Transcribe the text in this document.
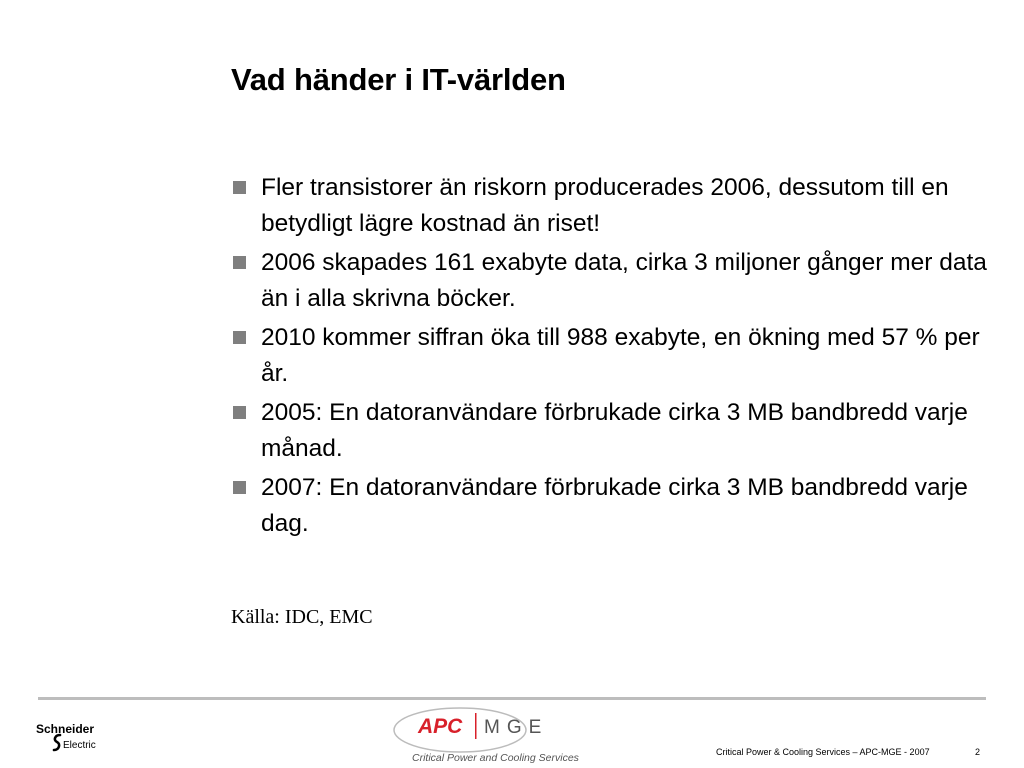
Vad händer i IT-världen
Fler transistorer än riskorn producerades 2006, dessutom till en betydligt lägre kostnad än riset!
2006 skapades 161 exabyte data, cirka 3 miljoner gånger mer data än i alla skrivna böcker.
2010 kommer siffran öka till 988 exabyte, en ökning med 57 % per år.
2005: En datoranvändare förbrukade cirka 3 MB bandbredd varje månad.
2007: En datoranvändare förbrukade cirka 3 MB bandbredd varje dag.
Källa: IDC, EMC
Schneider
Electric
APC MGE
Critical Power and Cooling Services	Critical Power & Cooling Services – APC-MGE - 2007	2
